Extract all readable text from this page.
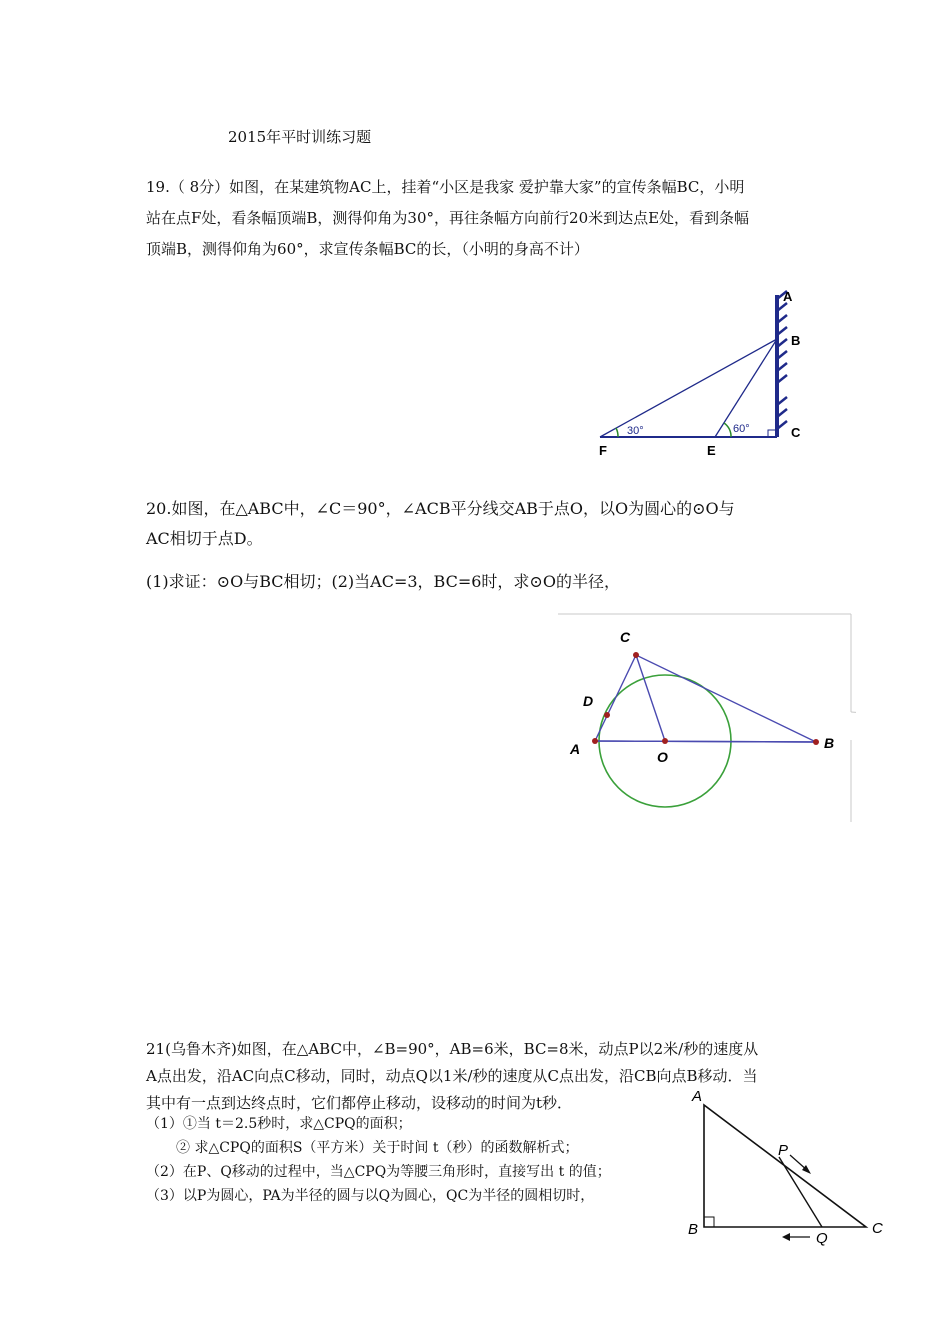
2015年平时训练习题
19.（ 8分）如图，在某建筑物AC上，挂着“小区是我家 爱护靠大家”的宣传条幅BC，小明
站在点F处，看条幅顶端B，测得仰角为30°，再往条幅方向前行20米到达点E处，看到条幅
顶端B，测得仰角为60°，求宣传条幅BC的长，（小明的身高不计）
30°	60°
A
B
C
E
F
20.如图，在△ABC中，∠C＝90°，∠ACB平分线交AB于点O，以O为圆心的⊙O与
AC相切于点D。
(1)求证：⊙O与BC相切；(2)当AC=3，BC=6时，求⊙O的半径，
C
D
A	O
B
21(乌鲁木齐)如图，在△ABC中，∠B=90°，AB=6米，BC=8米，动点P以2米/秒的速度从
A点出发，沿AC向点C移动，同时，动点Q以1米/秒的速度从C点出发，沿CB向点B移动．当
其中有一点到达终点时，它们都停止移动，设移动的时间为t秒．
（1）①当 t＝2.5秒时，求△CPQ的面积；
② 求△CPQ的面积S（平方米）关于时间 t（秒）的函数解析式；
（2）在P、Q移动的过程中，当△CPQ为等腰三角形时，直接写出 t 的值；
（3）以P为圆心，PA为半径的圆与以Q为圆心，QC为半径的圆相切时，
A
P
B
Q
C
